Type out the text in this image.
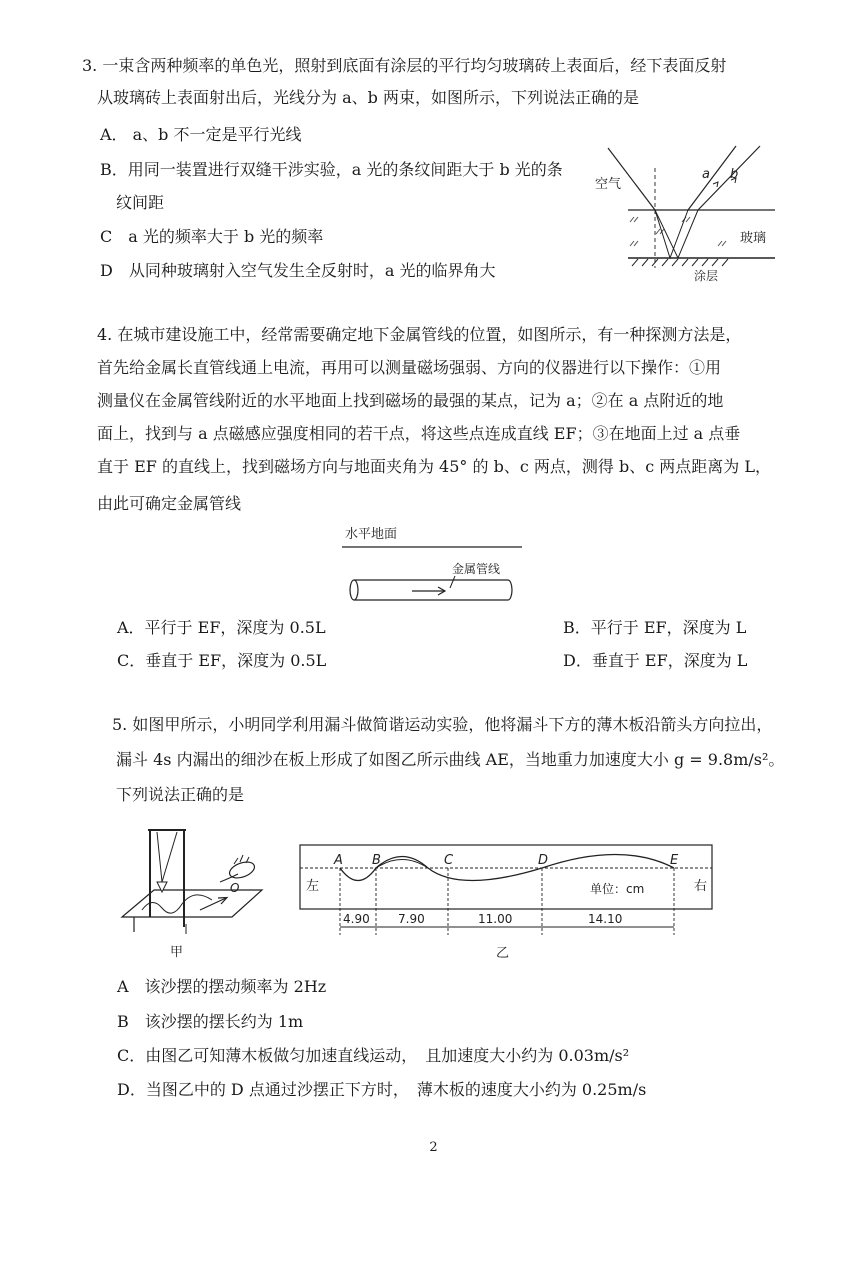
3. 一束含两种频率的单色光，照射到底面有涂层的平行均匀玻璃砖上表面后，经下表面反射
从玻璃砖上表面射出后，光线分为 a、b 两束，如图所示，下列说法正确的是
A． a、b 不一定是平行光线
B．用同一装置进行双缝干涉实验，a 光的条纹间距大于 b 光的条
纹间距
C　a 光的频率大于 b 光的频率
D　从同种玻璃射入空气发生全反射时，a 光的临界角大
空气
玻璃
涂层
a b
4. 在城市建设施工中，经常需要确定地下金属管线的位置，如图所示，有一种探测方法是，
首先给金属长直管线通上电流，再用可以测量磁场强弱、方向的仪器进行以下操作：①用
测量仪在金属管线附近的水平地面上找到磁场的最强的某点，记为 a；②在 a 点附近的地
面上，找到与 a 点磁感应强度相同的若干点，将这些点连成直线 EF；③在地面上过 a 点垂
直于 EF 的直线上，找到磁场方向与地面夹角为 45° 的 b、c 两点，测得 b、c 两点距离为 L，
由此可确定金属管线
水平地面
金属管线
A．平行于 EF，深度为 0.5L	B．平行于 EF，深度为 L
C．垂直于 EF，深度为 0.5L	D．垂直于 EF，深度为 L
5. 如图甲所示，小明同学利用漏斗做简谐运动实验，他将漏斗下方的薄木板沿箭头方向拉出，
漏斗 4s 内漏出的细沙在板上形成了如图乙所示曲线 AE，当地重力加速度大小 g = 9.8m/s²。
下列说法正确的是
O
甲
A B	C	D	E
左	右
单位：cm
4.90 7.90	11.00	14.10
乙
A　该沙摆的摆动频率为 2Hz
B　该沙摆的摆长约为 1m
C．由图乙可知薄木板做匀加速直线运动，　且加速度大小约为 0.03m/s²
D．当图乙中的 D 点通过沙摆正下方时，　薄木板的速度大小约为 0.25m/s
2
